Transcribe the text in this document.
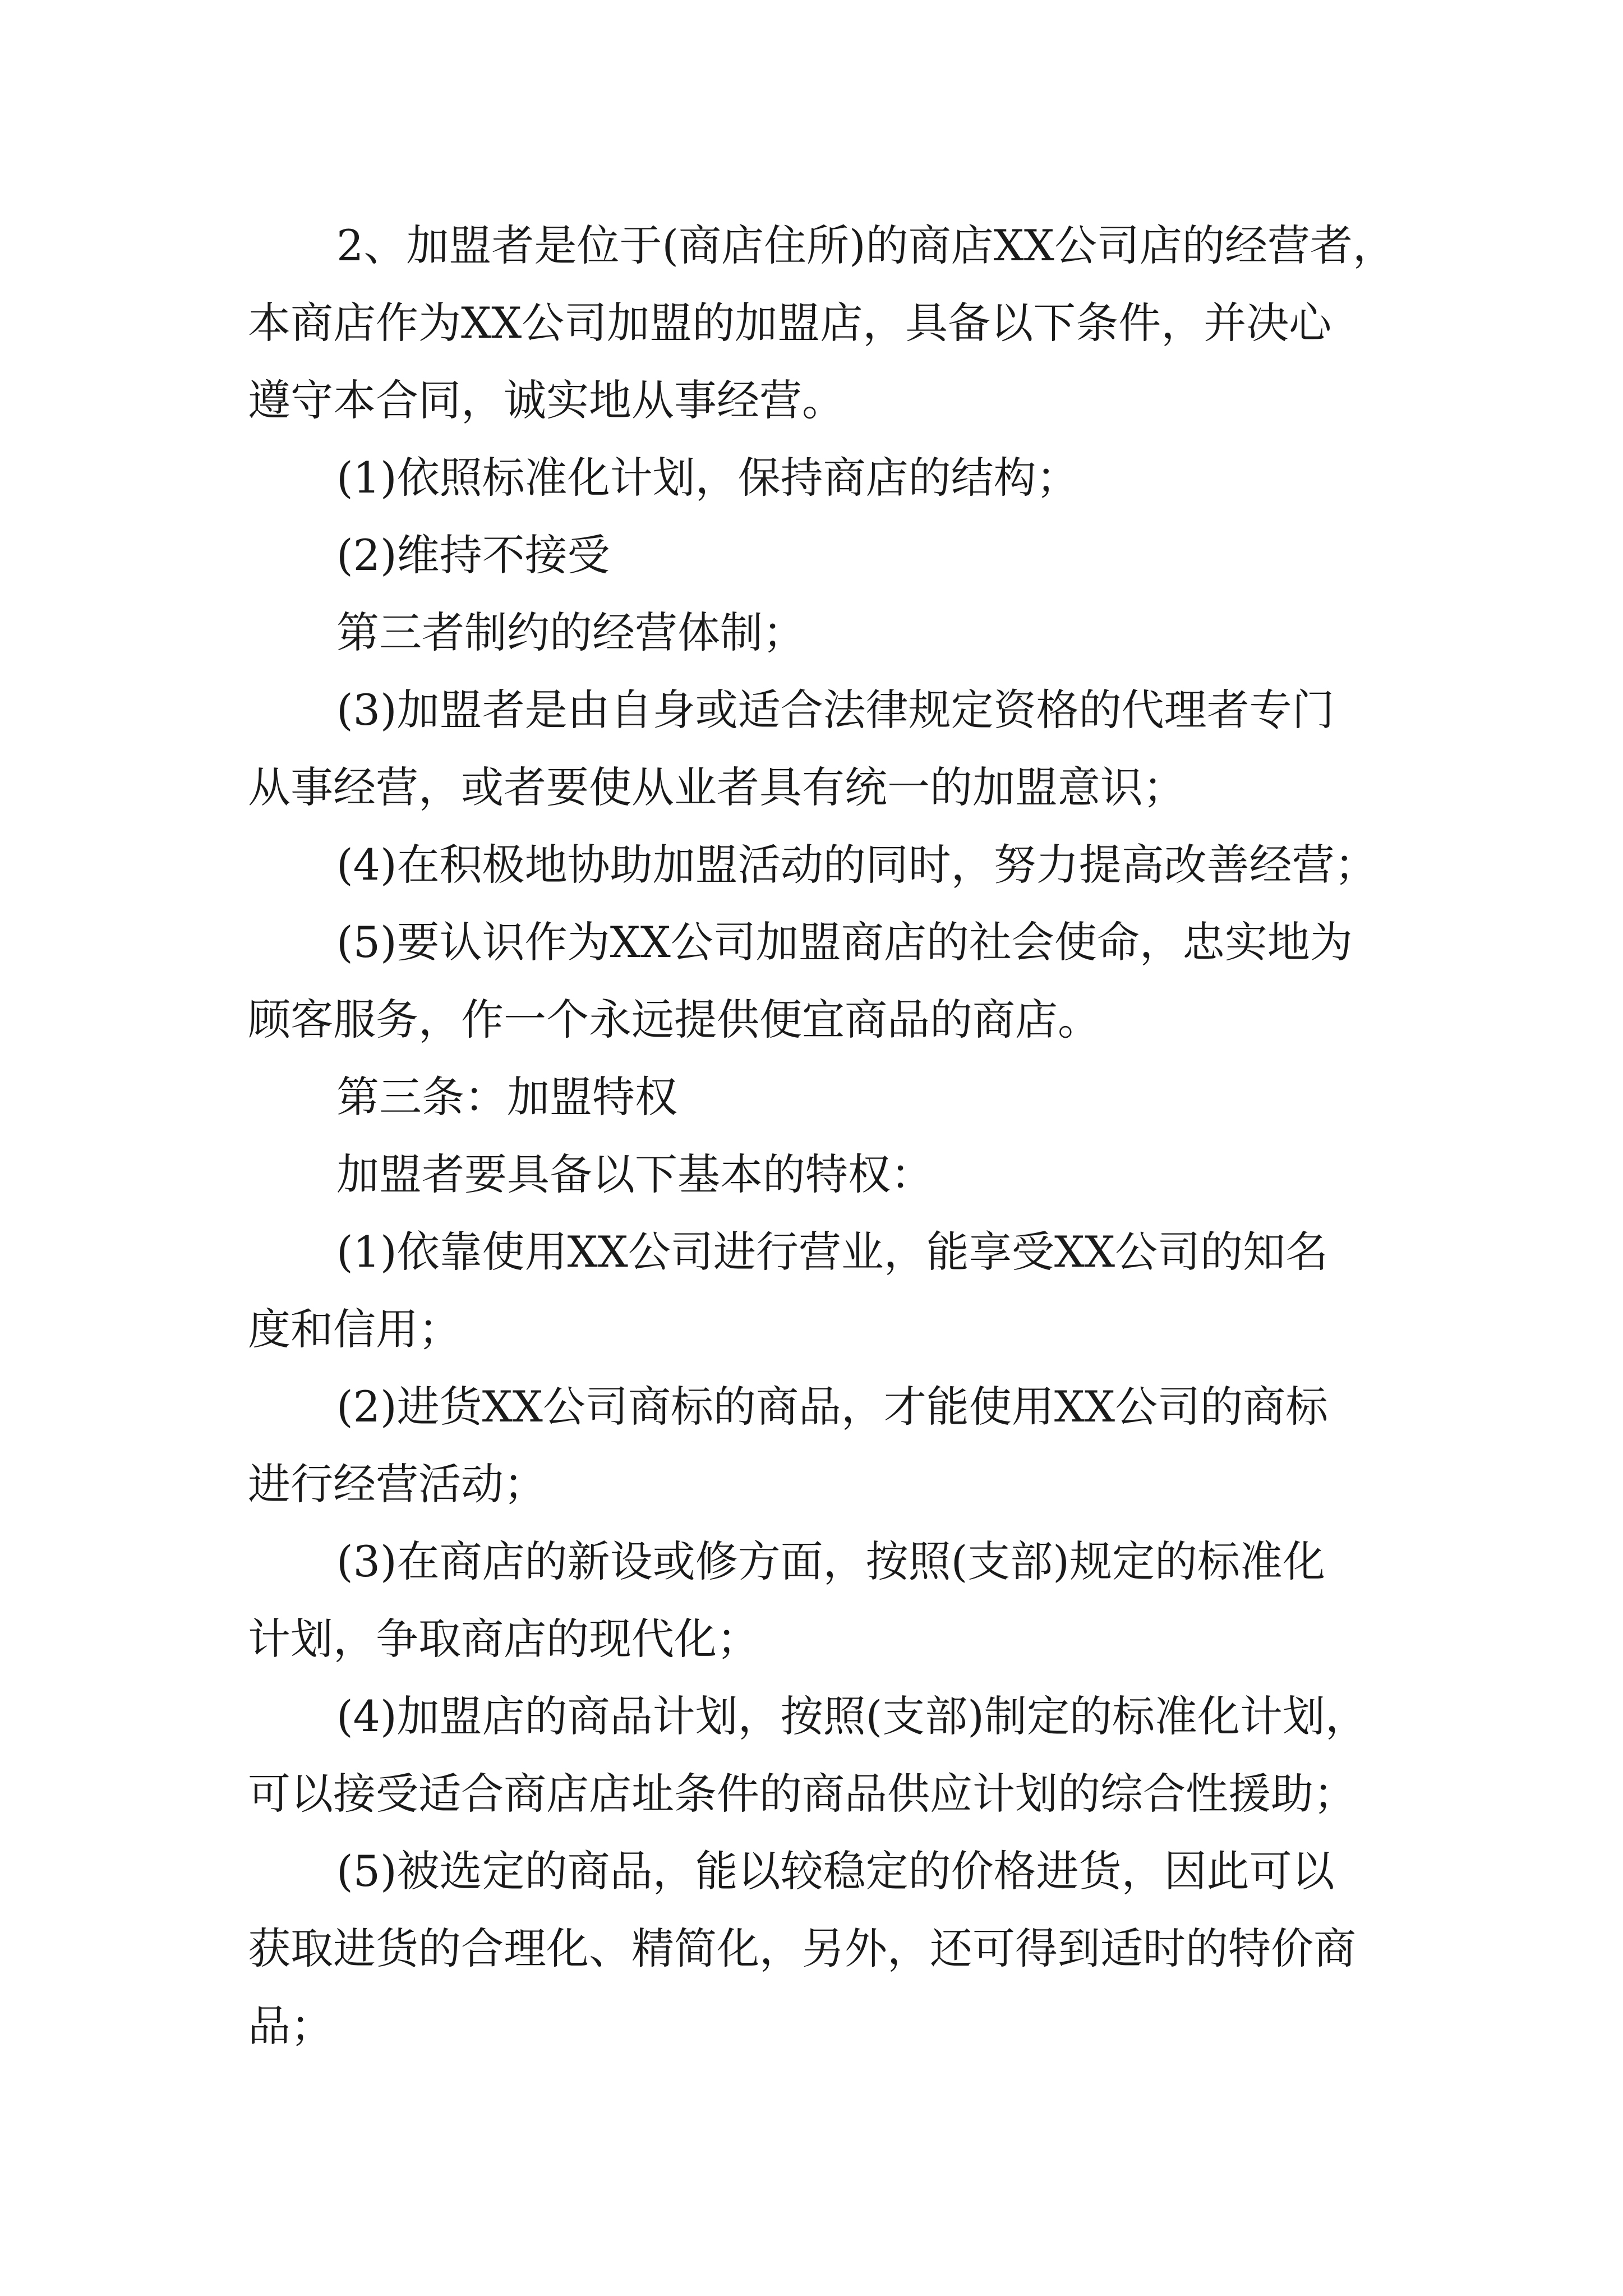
2、加盟者是位于(商店住所)的商店XX公司店的经营者，

本商店作为XX公司加盟的加盟店，具备以下条件，并决心

遵守本合同，诚实地从事经营。

(1)依照标准化计划，保持商店的结构；

(2)维持不接受

第三者制约的经营体制；

(3)加盟者是由自身或适合法律规定资格的代理者专门

从事经营，或者要使从业者具有统一的加盟意识；

(4)在积极地协助加盟活动的同时，努力提高改善经营；

(5)要认识作为XX公司加盟商店的社会使命，忠实地为

顾客服务，作一个永远提供便宜商品的商店。

第三条：加盟特权

加盟者要具备以下基本的特权：

(1)依靠使用XX公司进行营业，能享受XX公司的知名

度和信用；

(2)进货XX公司商标的商品，才能使用XX公司的商标

进行经营活动；

(3)在商店的新设或修方面，按照(支部)规定的标准化

计划，争取商店的现代化；

(4)加盟店的商品计划，按照(支部)制定的标准化计划，

可以接受适合商店店址条件的商品供应计划的综合性援助；

(5)被选定的商品，能以较稳定的价格进货，因此可以

获取进货的合理化、精简化，另外，还可得到适时的特价商

品；
